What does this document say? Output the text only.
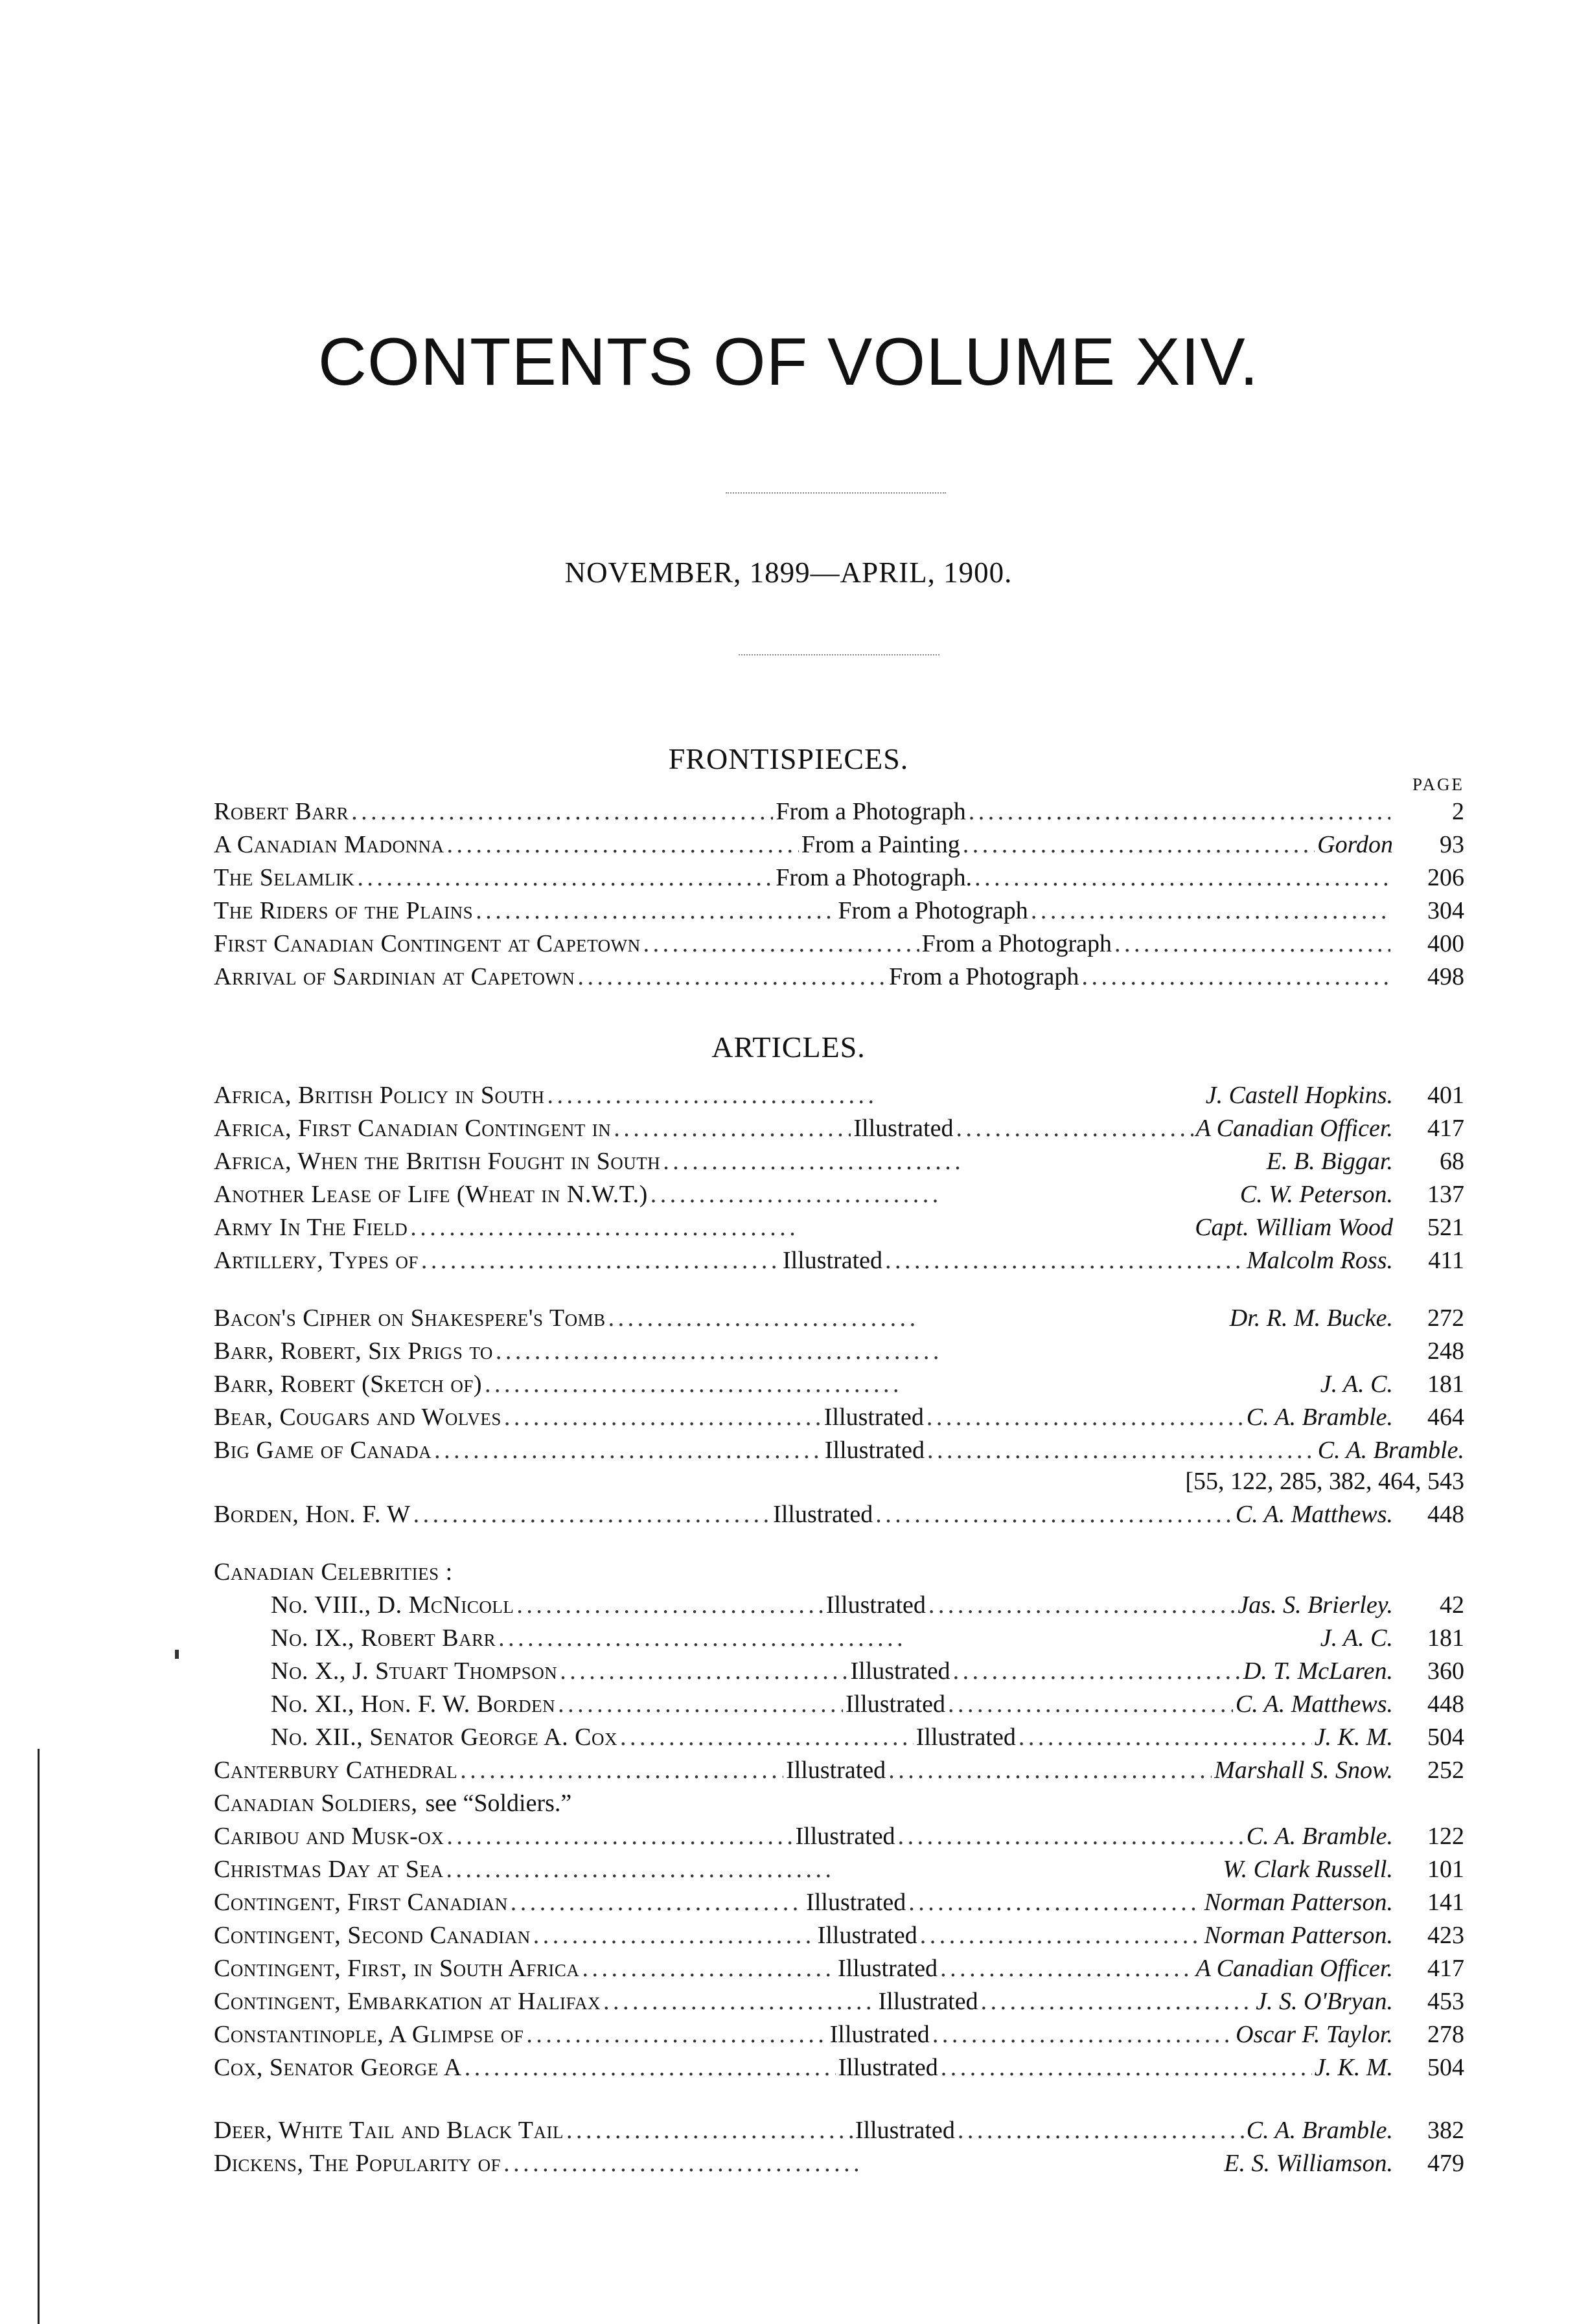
CONTENTS OF VOLUME XIV.
NOVEMBER, 1899—APRIL, 1900.
FRONTISPIECES.
PAGE
Robert Barr . . .	From a Photograph . . .	2
A Canadian Madonna . . .	From a Painting . . .	Gordon	93
The Selamlik . . .	From a Photograph. . . .	206
The Riders of the Plains . . .	From a Photograph . . .	304
First Canadian Contingent at Capetown . . .	From a Photograph . . .	400
Arrival of Sardinian at Capetown . . .	From a Photograph . . .	498
ARTICLES.
Africa, British Policy in South . . .	J. Castell Hopkins.	401
Africa, First Canadian Contingent in . . .	Illustrated . . .	A Canadian Officer.	417
Africa, When the British Fought in South . . .	E. B. Biggar.	68
Another Lease of Life (Wheat in N.W.T.) . . .	C. W. Peterson.	137
Army In The Field . . .	Capt. William Wood	521
Artillery, Types of . . .	Illustrated . . .	Malcolm Ross.	411
Bacon's Cipher on Shakespere's Tomb . . .	Dr. R. M. Bucke.	272
Barr, Robert, Six Prigs to . . .	248
Barr, Robert (Sketch of) . . .	J. A. C.	181
Bear, Cougars and Wolves . . .	Illustrated . . .	C. A. Bramble.	464
Big Game of Canada . . .	Illustrated . . .	C. A. Bramble.
[55, 122, 285, 382, 464, 543
Borden, Hon. F. W . . .	Illustrated . . .	C. A. Matthews.	448
Canadian Celebrities :
No. VIII., D. McNicoll . . .	Illustrated . . .	Jas. S. Brierley.	42
No. IX., Robert Barr . . .	J. A. C.	181
No. X., J. Stuart Thompson . . .	Illustrated . . .	D. T. McLaren.	360
No. XI., Hon. F. W. Borden . . .	Illustrated . . .	C. A. Matthews.	448
No. XII., Senator George A. Cox . . .	Illustrated . . .	J. K. M.	504
Canterbury Cathedral . . .	Illustrated . . .	Marshall S. Snow.	252
Canadian Soldiers, see “Soldiers.”
Caribou and Musk-ox . . .	Illustrated . . .	C. A. Bramble.	122
Christmas Day at Sea . . .	W. Clark Russell.	101
Contingent, First Canadian . . .	Illustrated . . .	Norman Patterson.	141
Contingent, Second Canadian . . .	Illustrated . . .	Norman Patterson.	423
Contingent, First, in South Africa . . .	Illustrated . . .	A Canadian Officer.	417
Contingent, Embarkation at Halifax . . .	Illustrated . . .	J. S. O'Bryan.	453
Constantinople, A Glimpse of . . .	Illustrated . . .	Oscar F. Taylor.	278
Cox, Senator George A . . .	Illustrated . . .	J. K. M.	504
Deer, White Tail and Black Tail . . .	Illustrated . . .	C. A. Bramble.	382
Dickens, The Popularity of . . .	E. S. Williamson.	479
